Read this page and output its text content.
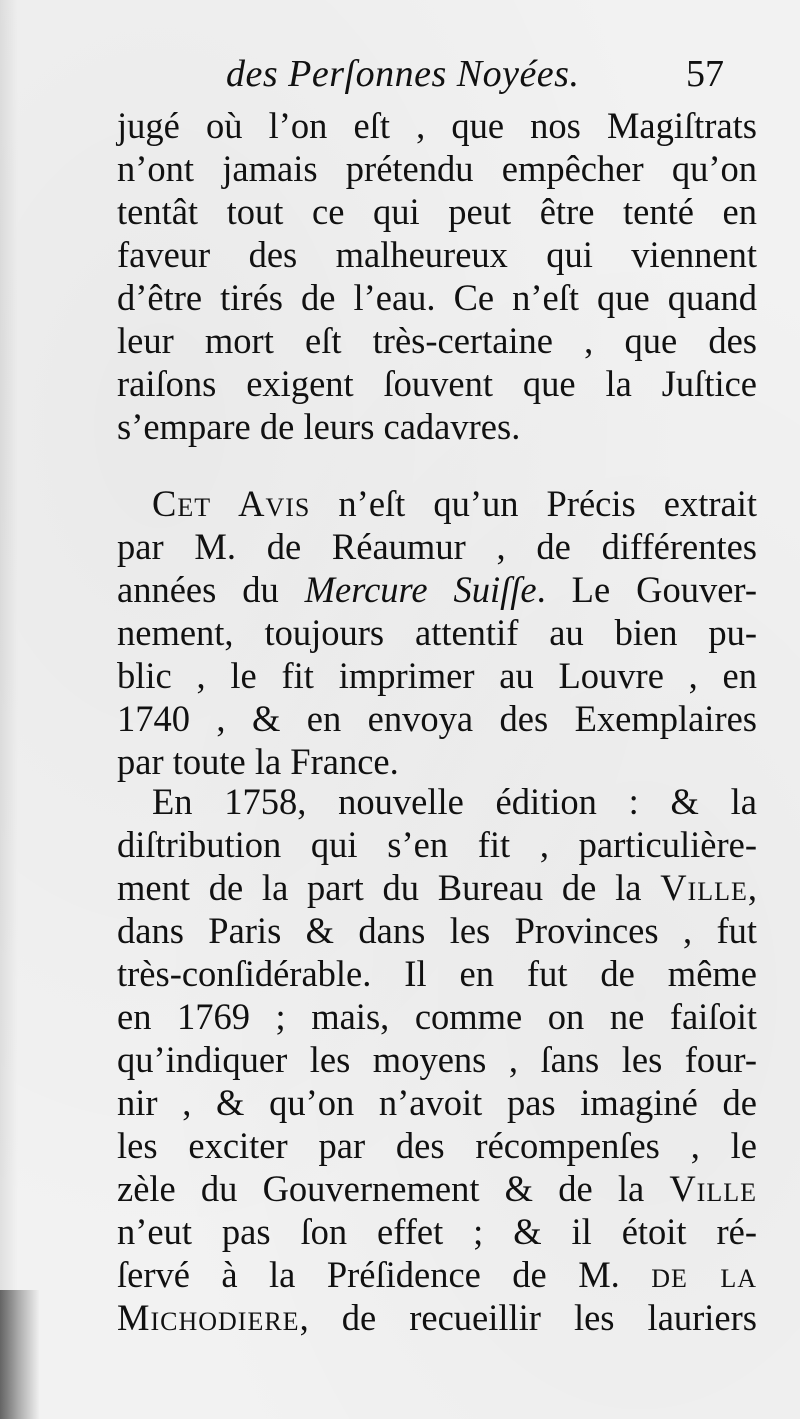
des Perſonnes Noyées.	57
jugé où l’on eſt , que nos Magiſtrats
n’ont jamais prétendu empêcher qu’on
tentât tout ce qui peut être tenté en
faveur des malheureux qui viennent
d’être tirés de l’eau. Ce n’eſt que quand
leur mort eſt très-certaine , que des
raiſons exigent ſouvent que la Juſtice
s’empare de leurs cadavres.
Cet Avis n’eſt qu’un Précis extrait
par M. de Réaumur , de différentes
années du Mercure Suiſſe. Le Gouver-
nement, toujours attentif au bien pu-
blic , le fit imprimer au Louvre , en
1740 , & en envoya des Exemplaires
par toute la France.
En 1758, nouvelle édition : & la
diſtribution qui s’en fit , particulière-
ment de la part du Bureau de la Ville,
dans Paris & dans les Provinces , fut
très-conſidérable. Il en fut de même
en 1769 ; mais, comme on ne faiſoit
qu’indiquer les moyens , ſans les four-
nir , & qu’on n’avoit pas imaginé de
les exciter par des récompenſes , le
zèle du Gouvernement & de la Ville
n’eut pas ſon effet ; & il étoit ré-
ſervé à la Préſidence de M. de la
Michodiere, de recueillir les lauriers
